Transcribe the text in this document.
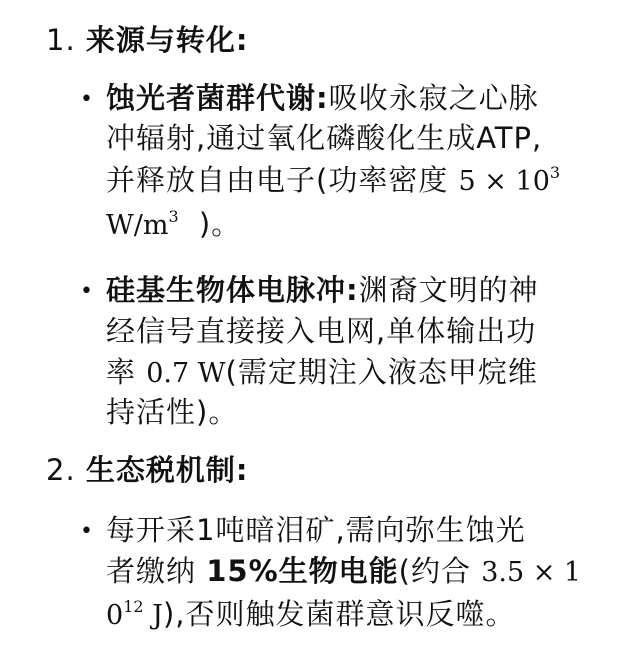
1. 来源与转化:
• 蚀光者菌群代谢:吸收永寂之心脉
冲辐射,通过氧化磷酸化生成ATP,
并释放自由电子(功率密度 $5 \times 10^3$
$W/m^3$ )。
• 硅基生物体电脉冲:渊裔文明的神
经信号直接接入电网,单体输出功
率 0.7 W(需定期注入液态甲烷维
持活性)。
2. 生态税机制:
• 每开采1吨暗泪矿,需向弥生蚀光
者缴纳 15%生物电能(约合 3.5 × 1
$0^{12}$ J),否则触发菌群意识反噬。
